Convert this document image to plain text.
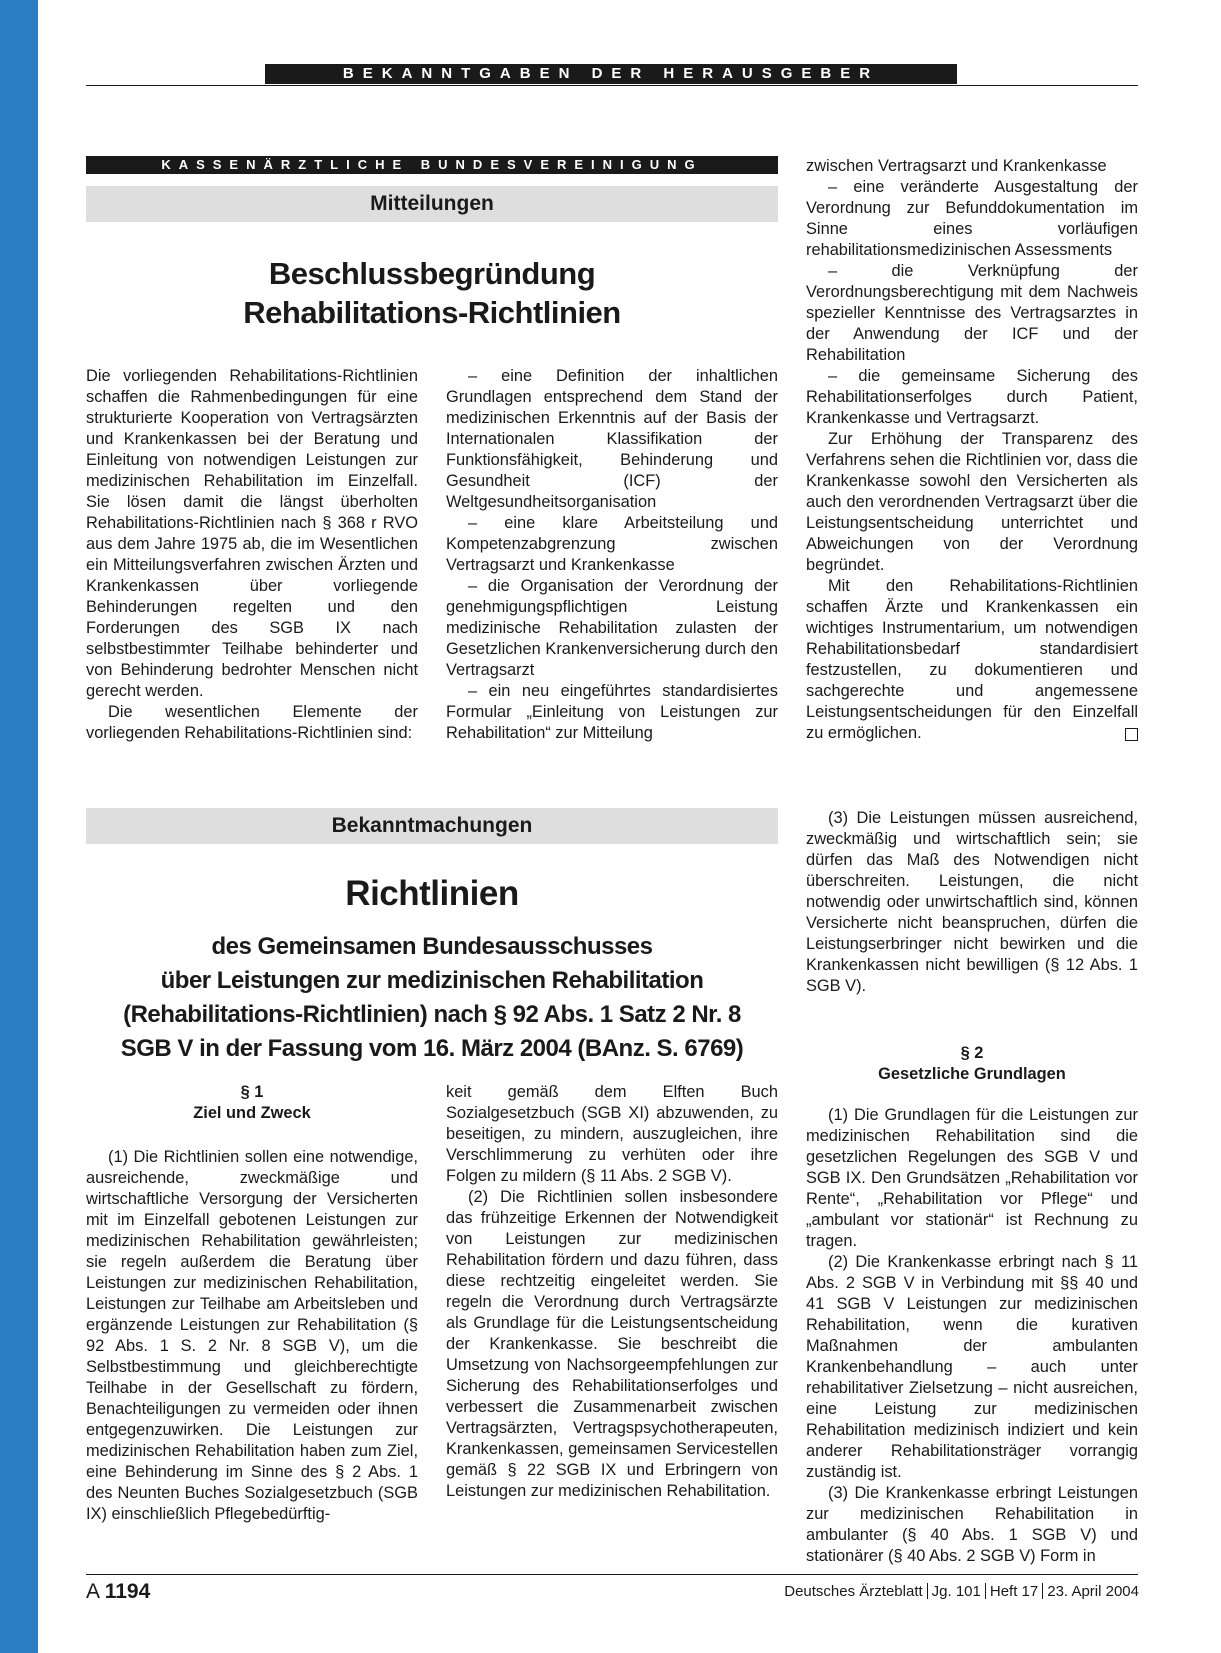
BEKANNTGABEN DER HERAUSGEBER
KASSENÄRZTLICHE BUNDESVEREINIGUNG
Mitteilungen
Beschlussbegründung
Rehabilitations-Richtlinien

Die vorliegenden Rehabilitations-Richtlinien schaffen die Rahmenbedingungen für eine strukturierte Kooperation von Vertragsärzten und Krankenkassen bei der Beratung und Einleitung von notwendigen Leistungen zur medizinischen Rehabilitation im Einzelfall. Sie lösen damit die längst überholten Rehabilitations-Richtlinien nach § 368 r RVO aus dem Jahre 1975 ab, die im Wesentlichen ein Mitteilungsverfahren zwischen Ärzten und Krankenkassen über vorliegende Behinderungen regelten und den Forderungen des SGB IX nach selbstbestimmter Teilhabe behinderter und von Behinderung bedrohter Menschen nicht gerecht werden.

Die wesentlichen Elemente der vorliegenden Rehabilitations-Richtlinien sind:

– eine Definition der inhaltlichen Grundlagen entsprechend dem Stand der medizinischen Erkenntnis auf der Basis der Internationalen Klassifikation der Funktionsfähigkeit, Behinderung und Gesundheit (ICF) der Weltgesundheitsorganisation

– eine klare Arbeitsteilung und Kompetenzabgrenzung zwischen Vertragsarzt und Krankenkasse

– die Organisation der Verordnung der genehmigungspflichtigen Leistung medizinische Rehabilitation zulasten der Gesetzlichen Krankenversicherung durch den Vertragsarzt

– ein neu eingeführtes standardisiertes Formular „Einleitung von Leistungen zur Rehabilitation“ zur Mitteilung

zwischen Vertragsarzt und Krankenkasse

– eine veränderte Ausgestaltung der Verordnung zur Befunddokumentation im Sinne eines vorläufigen rehabilitationsmedizinischen Assessments

– die Verknüpfung der Verordnungsberechtigung mit dem Nachweis spezieller Kenntnisse des Vertragsarztes in der Anwendung der ICF und der Rehabilitation

– die gemeinsame Sicherung des Rehabilitationserfolges durch Patient, Krankenkasse und Vertragsarzt.

Zur Erhöhung der Transparenz des Verfahrens sehen die Richtlinien vor, dass die Krankenkasse sowohl den Versicherten als auch den verordnenden Vertragsarzt über die Leistungsentscheidung unterrichtet und Abweichungen von der Verordnung begründet.

Mit den Rehabilitations-Richtlinien schaffen Ärzte und Krankenkassen ein wichtiges Instrumentarium, um notwendigen Rehabilitationsbedarf standardisiert festzustellen, zu dokumentieren und sachgerechte und angemessene Leistungsentscheidungen für den Einzelfall zu ermöglichen.

Bekanntmachungen
Richtlinien
des Gemeinsamen Bundesausschusses
über Leistungen zur medizinischen Rehabilitation
(Rehabilitations-Richtlinien) nach § 92 Abs. 1 Satz 2 Nr. 8
SGB V in der Fassung vom 16. März 2004 (BAnz. S. 6769)
§ 1
Ziel und Zweck

(1) Die Richtlinien sollen eine notwendige, ausreichende, zweckmäßige und wirtschaftliche Versorgung der Versicherten mit im Einzelfall gebotenen Leistungen zur medizinischen Rehabilitation gewährleisten; sie regeln außerdem die Beratung über Leistungen zur medizinischen Rehabilitation, Leistungen zur Teilhabe am Arbeitsleben und ergänzende Leistungen zur Rehabilitation (§ 92 Abs. 1 S. 2 Nr. 8 SGB V), um die Selbstbestimmung und gleichberechtigte Teilhabe in der Gesellschaft zu fördern, Benachteiligungen zu vermeiden oder ihnen entgegenzuwirken. Die Leistungen zur medizinischen Rehabilitation haben zum Ziel, eine Behinderung im Sinne des § 2 Abs. 1 des Neunten Buches Sozialgesetzbuch (SGB IX) einschließlich Pflegebedürftig-

keit gemäß dem Elften Buch Sozialgesetzbuch (SGB XI) abzuwenden, zu beseitigen, zu mindern, auszugleichen, ihre Verschlimmerung zu verhüten oder ihre Folgen zu mildern (§ 11 Abs. 2 SGB V).

(2) Die Richtlinien sollen insbesondere das frühzeitige Erkennen der Notwendigkeit von Leistungen zur medizinischen Rehabilitation fördern und dazu führen, dass diese rechtzeitig eingeleitet werden. Sie regeln die Verordnung durch Vertragsärzte als Grundlage für die Leistungsentscheidung der Krankenkasse. Sie beschreibt die Umsetzung von Nachsorgeempfehlungen zur Sicherung des Rehabilitationserfolges und verbessert die Zusammenarbeit zwischen Vertragsärzten, Vertragspsychotherapeuten, Krankenkassen, gemeinsamen Servicestellen gemäß § 22 SGB IX und Erbringern von Leistungen zur medizinischen Rehabilitation.

(3) Die Leistungen müssen ausreichend, zweckmäßig und wirtschaftlich sein; sie dürfen das Maß des Notwendigen nicht überschreiten. Leistungen, die nicht notwendig oder unwirtschaftlich sind, können Versicherte nicht beanspruchen, dürfen die Leistungserbringer nicht bewirken und die Krankenkassen nicht bewilligen (§ 12 Abs. 1 SGB V).

§ 2
Gesetzliche Grundlagen

(1) Die Grundlagen für die Leistungen zur medizinischen Rehabilitation sind die gesetzlichen Regelungen des SGB V und SGB IX. Den Grundsätzen „Rehabilitation vor Rente“, „Rehabilitation vor Pflege“ und „ambulant vor stationär“ ist Rechnung zu tragen.

(2) Die Krankenkasse erbringt nach § 11 Abs. 2 SGB V in Verbindung mit §§ 40 und 41 SGB V Leistungen zur medizinischen Rehabilitation, wenn die kurativen Maßnahmen der ambulanten Krankenbehandlung – auch unter rehabilitativer Zielsetzung – nicht ausreichen, eine Leistung zur medizinischen Rehabilitation medizinisch indiziert und kein anderer Rehabilitationsträger vorrangig zuständig ist.

(3) Die Krankenkasse erbringt Leistungen zur medizinischen Rehabilitation in ambulanter (§ 40 Abs. 1 SGB V) und stationärer (§ 40 Abs. 2 SGB V) Form in

A 1194	Deutsches Ärzteblatt Jg. 101 Heft 17 23. April 2004
